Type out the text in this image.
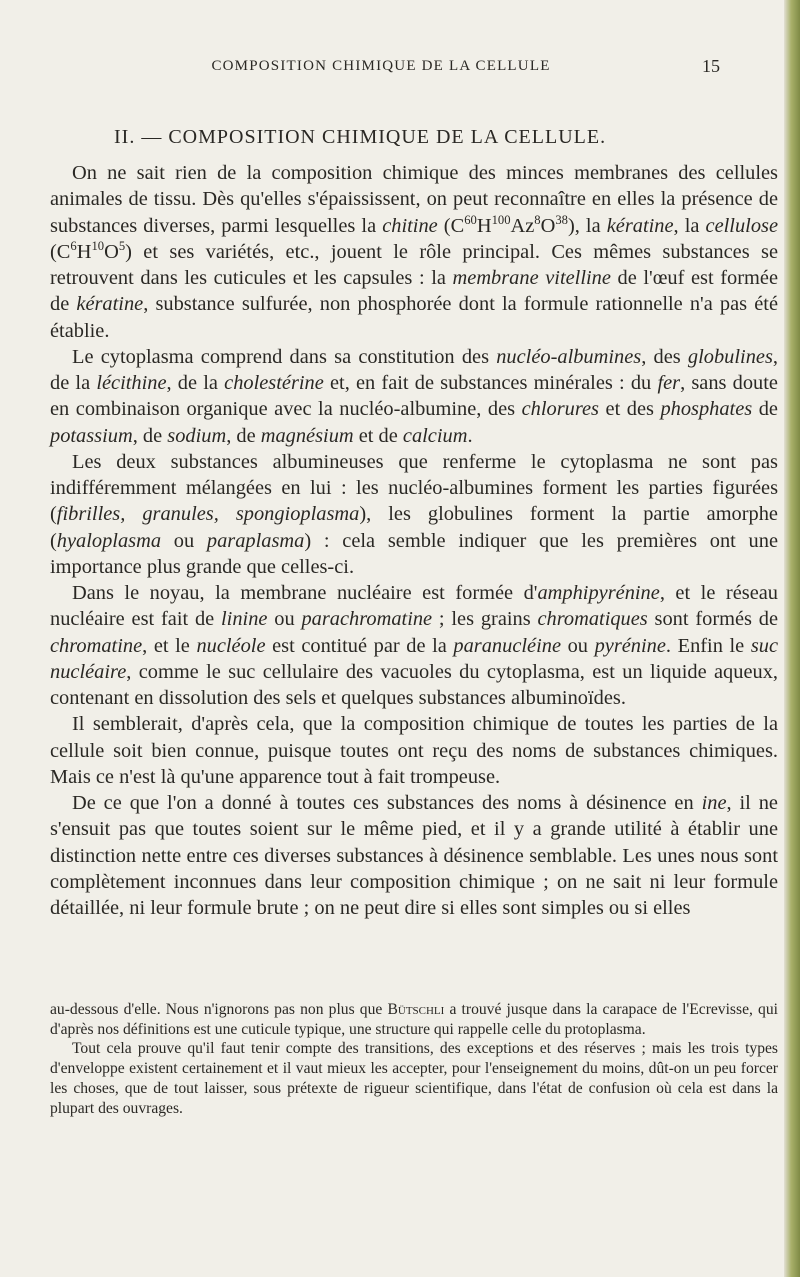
COMPOSITION CHIMIQUE DE LA CELLULE	15
II. — COMPOSITION CHIMIQUE DE LA CELLULE.

On ne sait rien de la composition chimique des minces membranes des cellules animales de tissu. Dès qu'elles s'épaississent, on peut reconnaître en elles la présence de substances diverses, parmi lesquelles la chitine $(C^{60}H^{100}Az^8O^{38})$, la kératine, la cellulose $(C^6H^{10}O^5)$ et ses variétés, etc., jouent le rôle principal. Ces mêmes substances se retrouvent dans les cuticules et les capsules : la membrane vitelline de l'œuf est formée de kératine, substance sulfurée, non phosphorée dont la formule rationnelle n'a pas été établie.

Le cytoplasma comprend dans sa constitution des nucléo-albumines, des globulines, de la lécithine, de la cholestérine et, en fait de substances minérales : du fer, sans doute en combinaison organique avec la nucléo-albumine, des chlorures et des phosphates de potassium, de sodium, de magnésium et de calcium.

Les deux substances albumineuses que renferme le cytoplasma ne sont pas indifféremment mélangées en lui : les nucléo-albumines forment les parties figurées (fibrilles, granules, spongioplasma), les globulines forment la partie amorphe (hyaloplasma ou paraplasma) : cela semble indiquer que les premières ont une importance plus grande que celles-ci.

Dans le noyau, la membrane nucléaire est formée d'amphipyrénine, et le réseau nucléaire est fait de linine ou parachromatine ; les grains chromatiques sont formés de chromatine, et le nucléole est contitué par de la paranucléine ou pyrénine. Enfin le suc nucléaire, comme le suc cellulaire des vacuoles du cytoplasma, est un liquide aqueux, contenant en dissolution des sels et quelques substances albuminoïdes.

Il semblerait, d'après cela, que la composition chimique de toutes les parties de la cellule soit bien connue, puisque toutes ont reçu des noms de substances chimiques. Mais ce n'est là qu'une apparence tout à fait trompeuse.

De ce que l'on a donné à toutes ces substances des noms à désinence en ine, il ne s'ensuit pas que toutes soient sur le même pied, et il y a grande utilité à établir une distinction nette entre ces diverses substances à désinence semblable. Les unes nous sont complètement inconnues dans leur composition chimique ; on ne sait ni leur formule détaillée, ni leur formule brute ; on ne peut dire si elles sont simples ou si elles

au-dessous d'elle. Nous n'ignorons pas non plus que Bütschli a trouvé jusque dans la carapace de l'Ecrevisse, qui d'après nos définitions est une cuticule typique, une structure qui rappelle celle du protoplasma.

Tout cela prouve qu'il faut tenir compte des transitions, des exceptions et des réserves ; mais les trois types d'enveloppe existent certainement et il vaut mieux les accepter, pour l'enseignement du moins, dût-on un peu forcer les choses, que de tout laisser, sous prétexte de rigueur scientifique, dans l'état de confusion où cela est dans la plupart des ouvrages.
